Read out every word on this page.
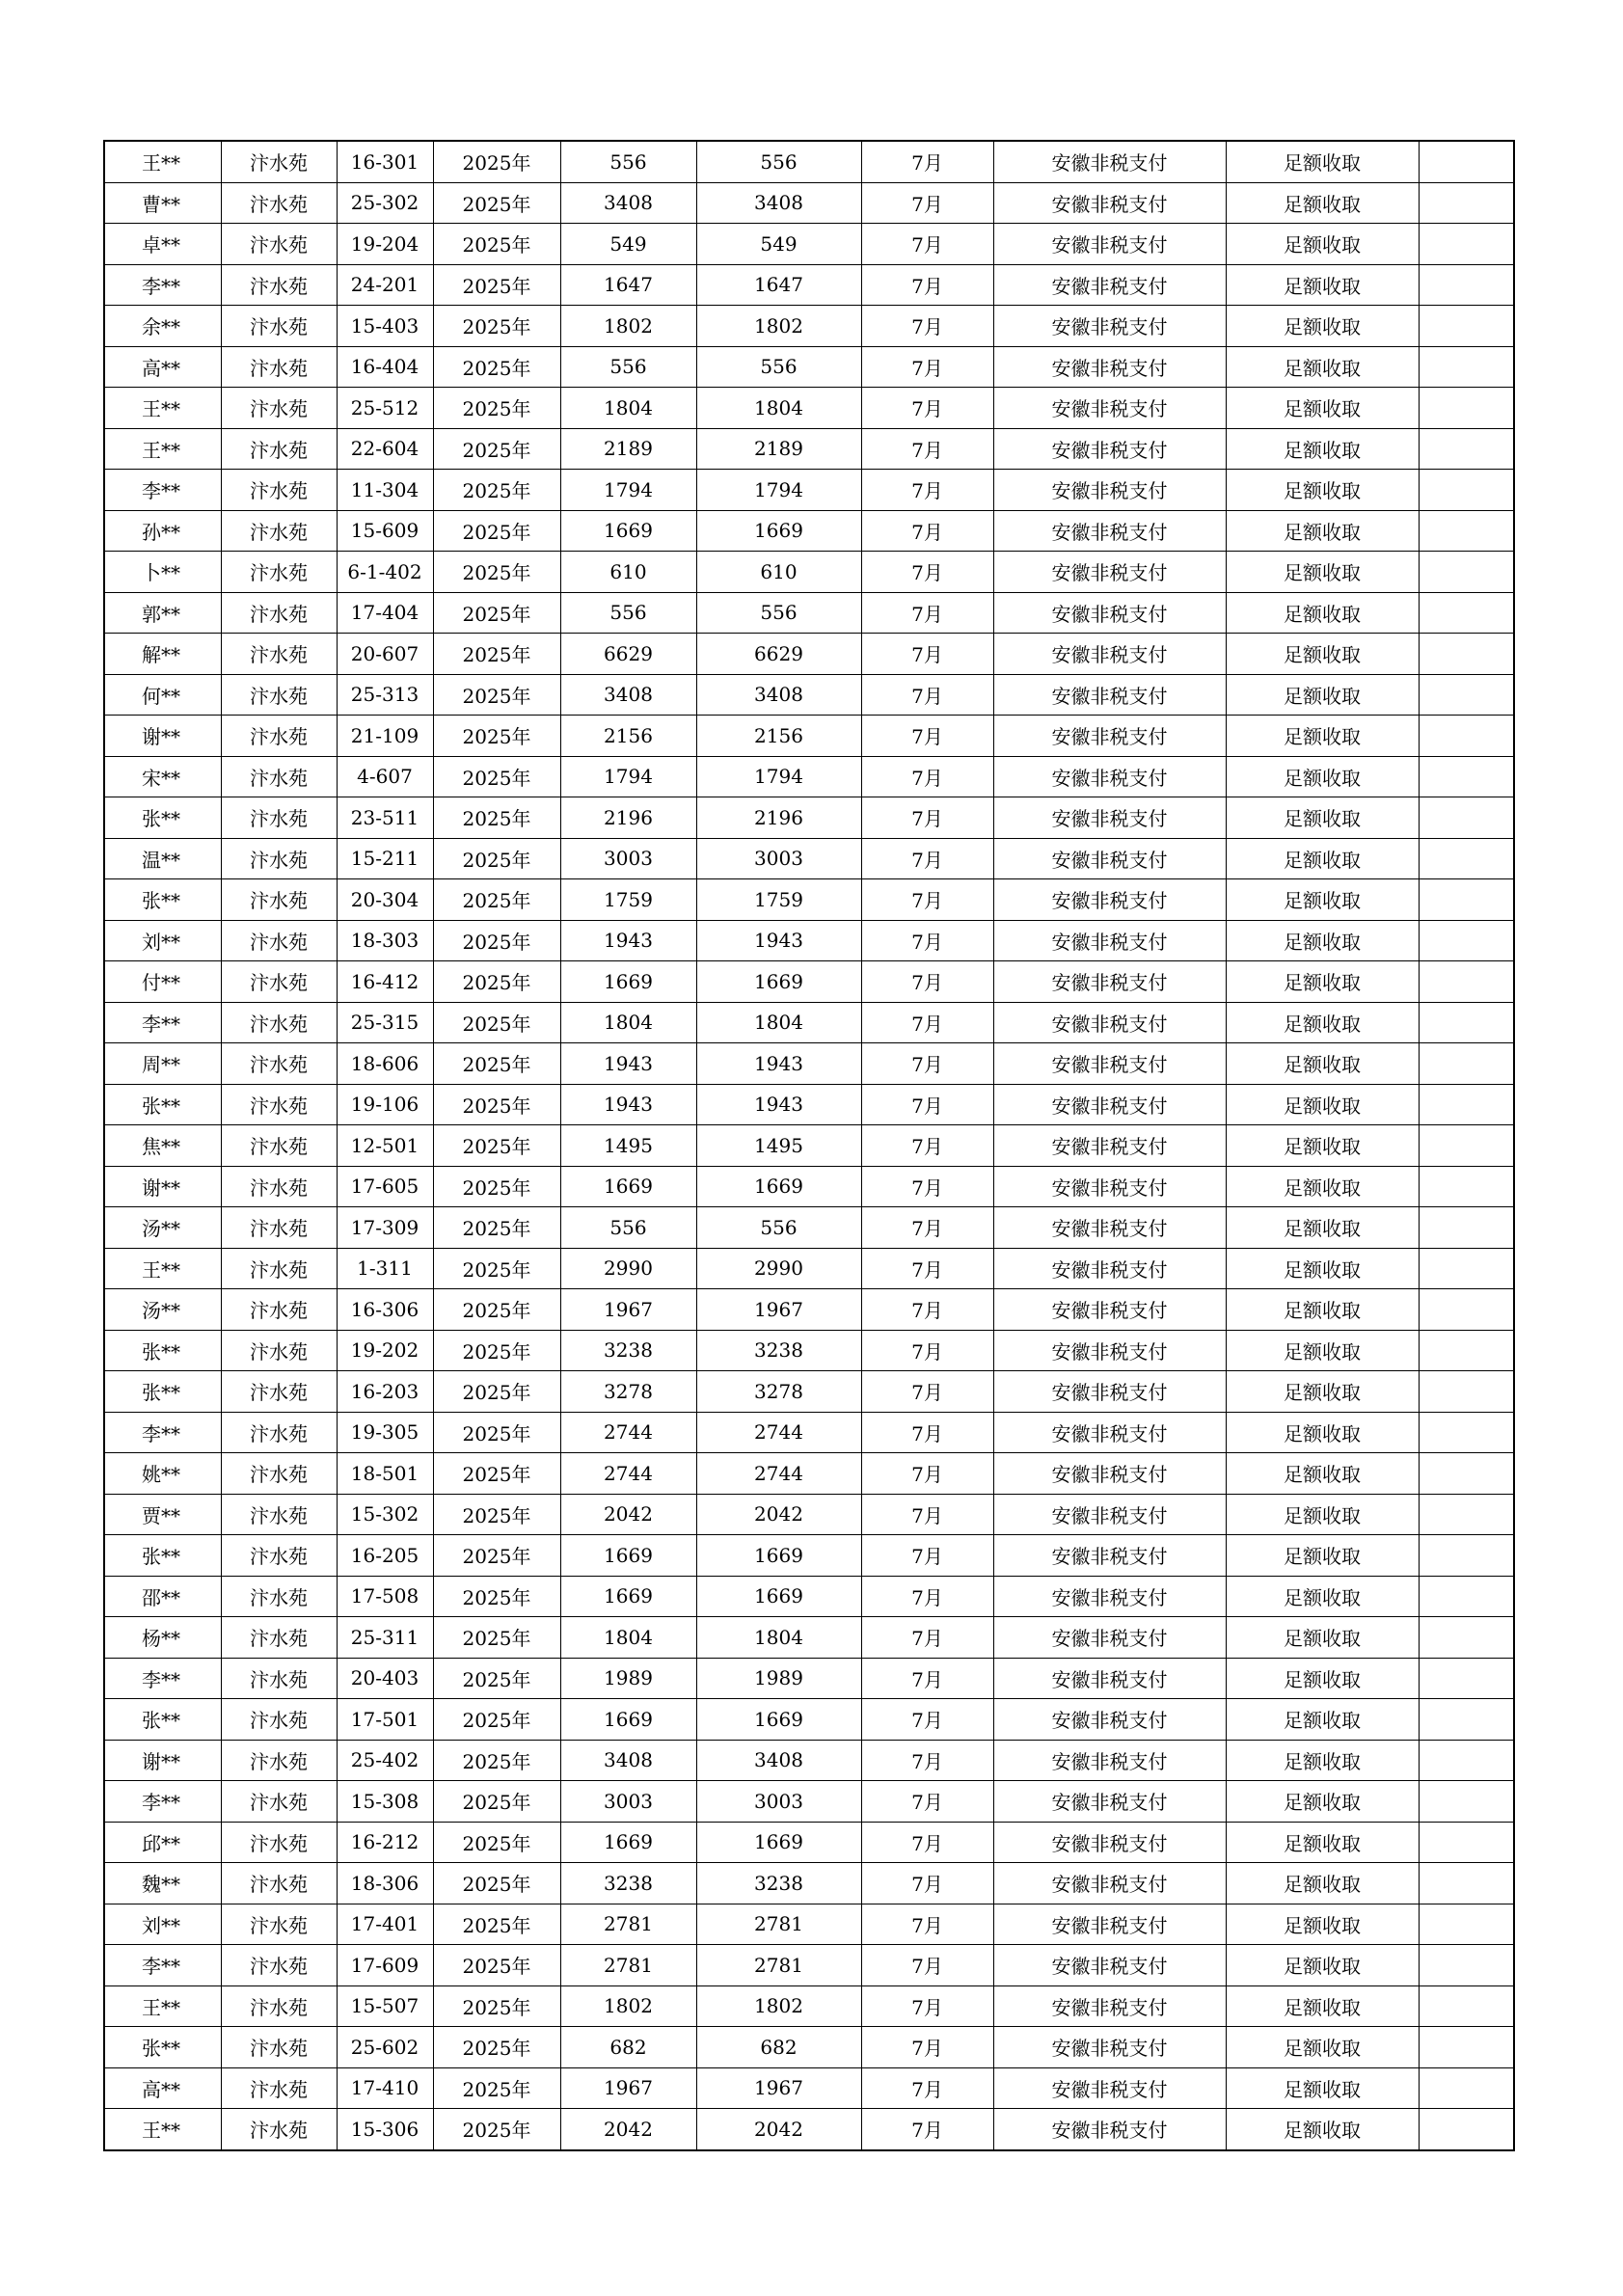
王**	汴水苑	16-301	2025年	556	556	7月	安徽非税支付	足额收取	
曹**	汴水苑	25-302	2025年	3408	3408	7月	安徽非税支付	足额收取	
卓**	汴水苑	19-204	2025年	549	549	7月	安徽非税支付	足额收取	
李**	汴水苑	24-201	2025年	1647	1647	7月	安徽非税支付	足额收取	
余**	汴水苑	15-403	2025年	1802	1802	7月	安徽非税支付	足额收取	
高**	汴水苑	16-404	2025年	556	556	7月	安徽非税支付	足额收取	
王**	汴水苑	25-512	2025年	1804	1804	7月	安徽非税支付	足额收取	
王**	汴水苑	22-604	2025年	2189	2189	7月	安徽非税支付	足额收取	
李**	汴水苑	11-304	2025年	1794	1794	7月	安徽非税支付	足额收取	
孙**	汴水苑	15-609	2025年	1669	1669	7月	安徽非税支付	足额收取	
卜**	汴水苑	6-1-402	2025年	610	610	7月	安徽非税支付	足额收取	
郭**	汴水苑	17-404	2025年	556	556	7月	安徽非税支付	足额收取	
解**	汴水苑	20-607	2025年	6629	6629	7月	安徽非税支付	足额收取	
何**	汴水苑	25-313	2025年	3408	3408	7月	安徽非税支付	足额收取	
谢**	汴水苑	21-109	2025年	2156	2156	7月	安徽非税支付	足额收取	
宋**	汴水苑	4-607	2025年	1794	1794	7月	安徽非税支付	足额收取	
张**	汴水苑	23-511	2025年	2196	2196	7月	安徽非税支付	足额收取	
温**	汴水苑	15-211	2025年	3003	3003	7月	安徽非税支付	足额收取	
张**	汴水苑	20-304	2025年	1759	1759	7月	安徽非税支付	足额收取	
刘**	汴水苑	18-303	2025年	1943	1943	7月	安徽非税支付	足额收取	
付**	汴水苑	16-412	2025年	1669	1669	7月	安徽非税支付	足额收取	
李**	汴水苑	25-315	2025年	1804	1804	7月	安徽非税支付	足额收取	
周**	汴水苑	18-606	2025年	1943	1943	7月	安徽非税支付	足额收取	
张**	汴水苑	19-106	2025年	1943	1943	7月	安徽非税支付	足额收取	
焦**	汴水苑	12-501	2025年	1495	1495	7月	安徽非税支付	足额收取	
谢**	汴水苑	17-605	2025年	1669	1669	7月	安徽非税支付	足额收取	
汤**	汴水苑	17-309	2025年	556	556	7月	安徽非税支付	足额收取	
王**	汴水苑	1-311	2025年	2990	2990	7月	安徽非税支付	足额收取	
汤**	汴水苑	16-306	2025年	1967	1967	7月	安徽非税支付	足额收取	
张**	汴水苑	19-202	2025年	3238	3238	7月	安徽非税支付	足额收取	
张**	汴水苑	16-203	2025年	3278	3278	7月	安徽非税支付	足额收取	
李**	汴水苑	19-305	2025年	2744	2744	7月	安徽非税支付	足额收取	
姚**	汴水苑	18-501	2025年	2744	2744	7月	安徽非税支付	足额收取	
贾**	汴水苑	15-302	2025年	2042	2042	7月	安徽非税支付	足额收取	
张**	汴水苑	16-205	2025年	1669	1669	7月	安徽非税支付	足额收取	
邵**	汴水苑	17-508	2025年	1669	1669	7月	安徽非税支付	足额收取	
杨**	汴水苑	25-311	2025年	1804	1804	7月	安徽非税支付	足额收取	
李**	汴水苑	20-403	2025年	1989	1989	7月	安徽非税支付	足额收取	
张**	汴水苑	17-501	2025年	1669	1669	7月	安徽非税支付	足额收取	
谢**	汴水苑	25-402	2025年	3408	3408	7月	安徽非税支付	足额收取	
李**	汴水苑	15-308	2025年	3003	3003	7月	安徽非税支付	足额收取	
邱**	汴水苑	16-212	2025年	1669	1669	7月	安徽非税支付	足额收取	
魏**	汴水苑	18-306	2025年	3238	3238	7月	安徽非税支付	足额收取	
刘**	汴水苑	17-401	2025年	2781	2781	7月	安徽非税支付	足额收取	
李**	汴水苑	17-609	2025年	2781	2781	7月	安徽非税支付	足额收取	
王**	汴水苑	15-507	2025年	1802	1802	7月	安徽非税支付	足额收取	
张**	汴水苑	25-602	2025年	682	682	7月	安徽非税支付	足额收取	
高**	汴水苑	17-410	2025年	1967	1967	7月	安徽非税支付	足额收取	
王**	汴水苑	15-306	2025年	2042	2042	7月	安徽非税支付	足额收取	
